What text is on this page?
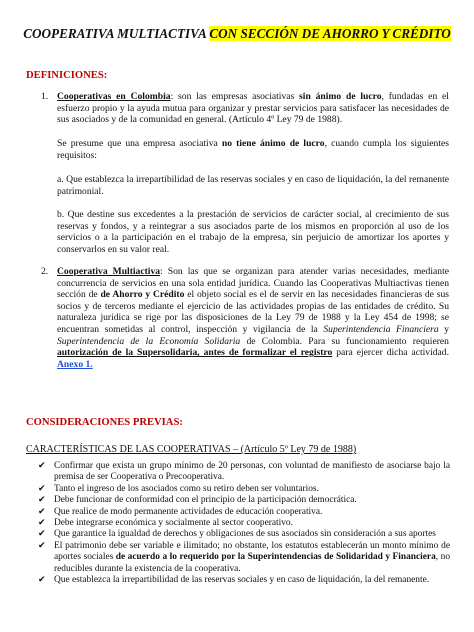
COOPERATIVA MULTIACTIVA CON SECCIÓN DE AHORRO Y CRÉDITO
DEFINICIONES:
1. Cooperativas en Colombia: son las empresas asociativas sin ánimo de lucro, fundadas en el esfuerzo propio y la ayuda mutua para organizar y prestar servicios para satisfacer las necesidades de sus asociados y de la comunidad en general. (Artículo 4º Ley 79 de 1988).
Se presume que una empresa asociativa no tiene ánimo de lucro, cuando cumpla los siguientes requisitos:
a. Que establezca la irrepartibilidad de las reservas sociales y en caso de liquidación, la del remanente patrimonial.
b. Que destine sus excedentes a la prestación de servicios de carácter social, al crecimiento de sus reservas y fondos, y a reintegrar a sus asociados parte de los mismos en proporción al uso de los servicios o a la participación en el trabajo de la empresa, sin perjuicio de amortizar los aportes y conservarlos en su valor real.
2. Cooperativa Multiactiva: Son las que se organizan para atender varias necesidades, mediante concurrencia de servicios en una sola entidad jurídica. Cuando las Cooperativas Multiactivas tienen sección de de Ahorro y Crédito el objeto social es el de servir en las necesidades financieras de sus socios y de terceros mediante el ejercicio de las actividades propias de las entidades de crédito. Su naturaleza jurídica se rige por las disposiciones de la Ley 79 de 1988 y la Ley 454 de 1998; se encuentran sometidas al control, inspección y vigilancia de la Superintendencia Financiera y Superintendencia de la Economía Solidaria de Colombia. Para su funcionamiento requieren autorización de la Supersolidaria, antes de formalizar el registro para ejercer dicha actividad. Anexo 1.
CONSIDERACIONES PREVIAS:
CARACTERÍSTICAS DE LAS COOPERATIVAS – (Artículo 5º Ley 79 de 1988)
✔ Confirmar que exista un grupo mínimo de 20 personas, con voluntad de manifiesto de asociarse bajo la premisa de ser Cooperativa o Precooperativa.
✔ Tanto el ingreso de los asociados como su retiro deben ser voluntarios.
✔ Debe funcionar de conformidad con el principio de la participación democrática.
✔ Que realice de modo permanente actividades de educación cooperativa.
✔ Debe integrarse económica y socialmente al sector cooperativo.
✔ Que garantice la igualdad de derechos y obligaciones de sus asociados sin consideración a sus aportes
✔ El patrimonio debe ser variable e ilimitado; no obstante, los estatutos establecerán un monto mínimo de aportes sociales de acuerdo a lo requerido por la Superintendencias de Solidaridad y Financiera, no reducibles durante la existencia de la cooperativa.
✔ Que establezca la irrepartibilidad de las reservas sociales y en caso de liquidación, la del remanente.
